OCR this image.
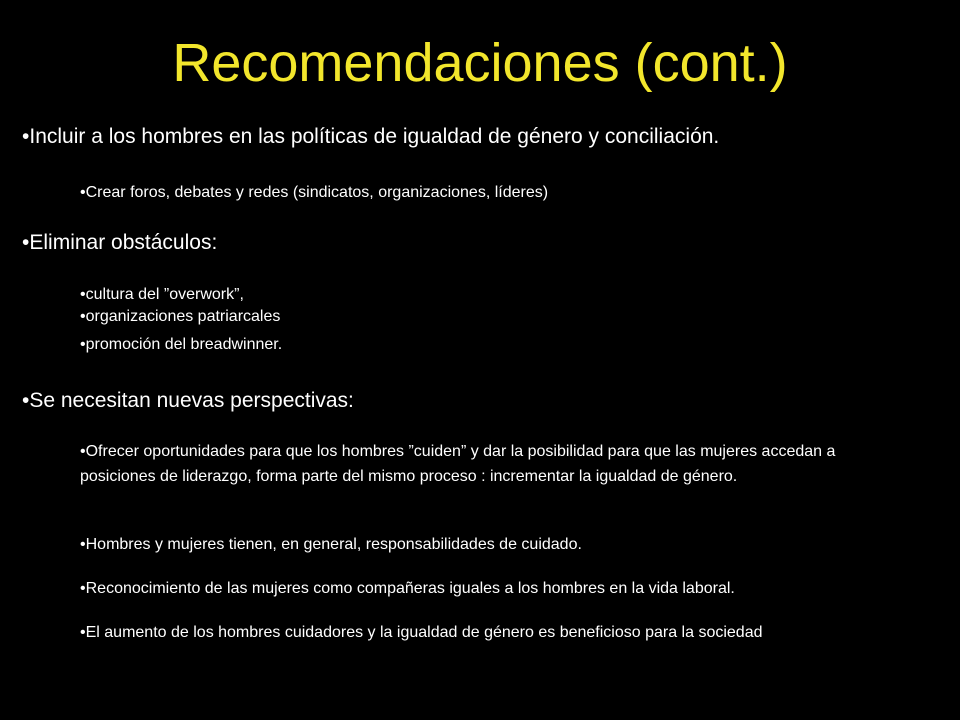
Recomendaciones (cont.)
•Incluir a los hombres en las políticas de igualdad de género y conciliación.
•Crear foros, debates y redes (sindicatos, organizaciones, líderes)
•Eliminar obstáculos:
•cultura del ”overwork”,
•organizaciones patriarcales
•promoción del breadwinner.
•Se necesitan nuevas perspectivas:
•Ofrecer oportunidades para que los hombres ”cuiden” y dar la posibilidad para que las mujeres accedan a posiciones de liderazgo, forma parte del mismo proceso : incrementar la igualdad de género.
•Hombres y mujeres tienen, en general, responsabilidades de cuidado.
•Reconocimiento de las mujeres como compañeras iguales a los hombres en la vida laboral.
•El aumento de los hombres cuidadores y la igualdad de género es beneficioso para la sociedad
